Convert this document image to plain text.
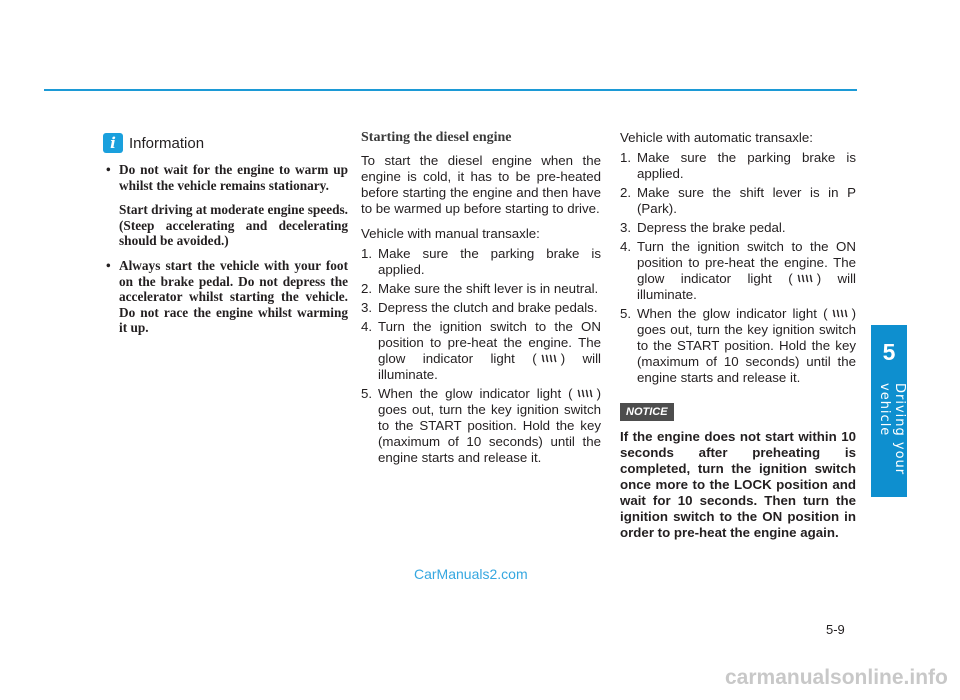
5
Driving your vehicle
i Information
• Do not wait for the engine to warm up whilst the vehicle remains stationary.

Start driving at moderate engine speeds. (Steep accelerating and decelerating should be avoided.)

• Always start the vehicle with your foot on the brake pedal. Do not depress the accelerator whilst starting the vehicle. Do not race the engine whilst warming it up.

Starting the diesel engine

To start the diesel engine when the engine is cold, it has to be pre-heated before starting the engine and then have to be warmed up before starting to drive.

Vehicle with manual transaxle:

1. Make sure the parking brake is applied.
2. Make sure the shift lever is in neutral.
3. Depress the clutch and brake pedals.
4. Turn the ignition switch to the ON position to pre-heat the engine. The glow indicator light ( ) will illuminate.
5. When the glow indicator light ( ) goes out, turn the key ignition switch to the START position. Hold the key (maximum of 10 seconds) until the engine starts and release it.

Vehicle with automatic transaxle:

1. Make sure the parking brake is applied.
2. Make sure the shift lever is in P (Park).
3. Depress the brake pedal.
4. Turn the ignition switch to the ON position to pre-heat the engine. The glow indicator light ( ) will illuminate.
5. When the glow indicator light ( ) goes out, turn the key ignition switch to the START position. Hold the key (maximum of 10 seconds) until the engine starts and release it.
NOTICE

If the engine does not start within 10 seconds after preheating is completed, turn the ignition switch once more to the LOCK position and wait for 10 seconds. Then turn the ignition switch to the ON position in order to pre-heat the engine again.

CarManuals2.com
5-9
carmanualsonline.info
